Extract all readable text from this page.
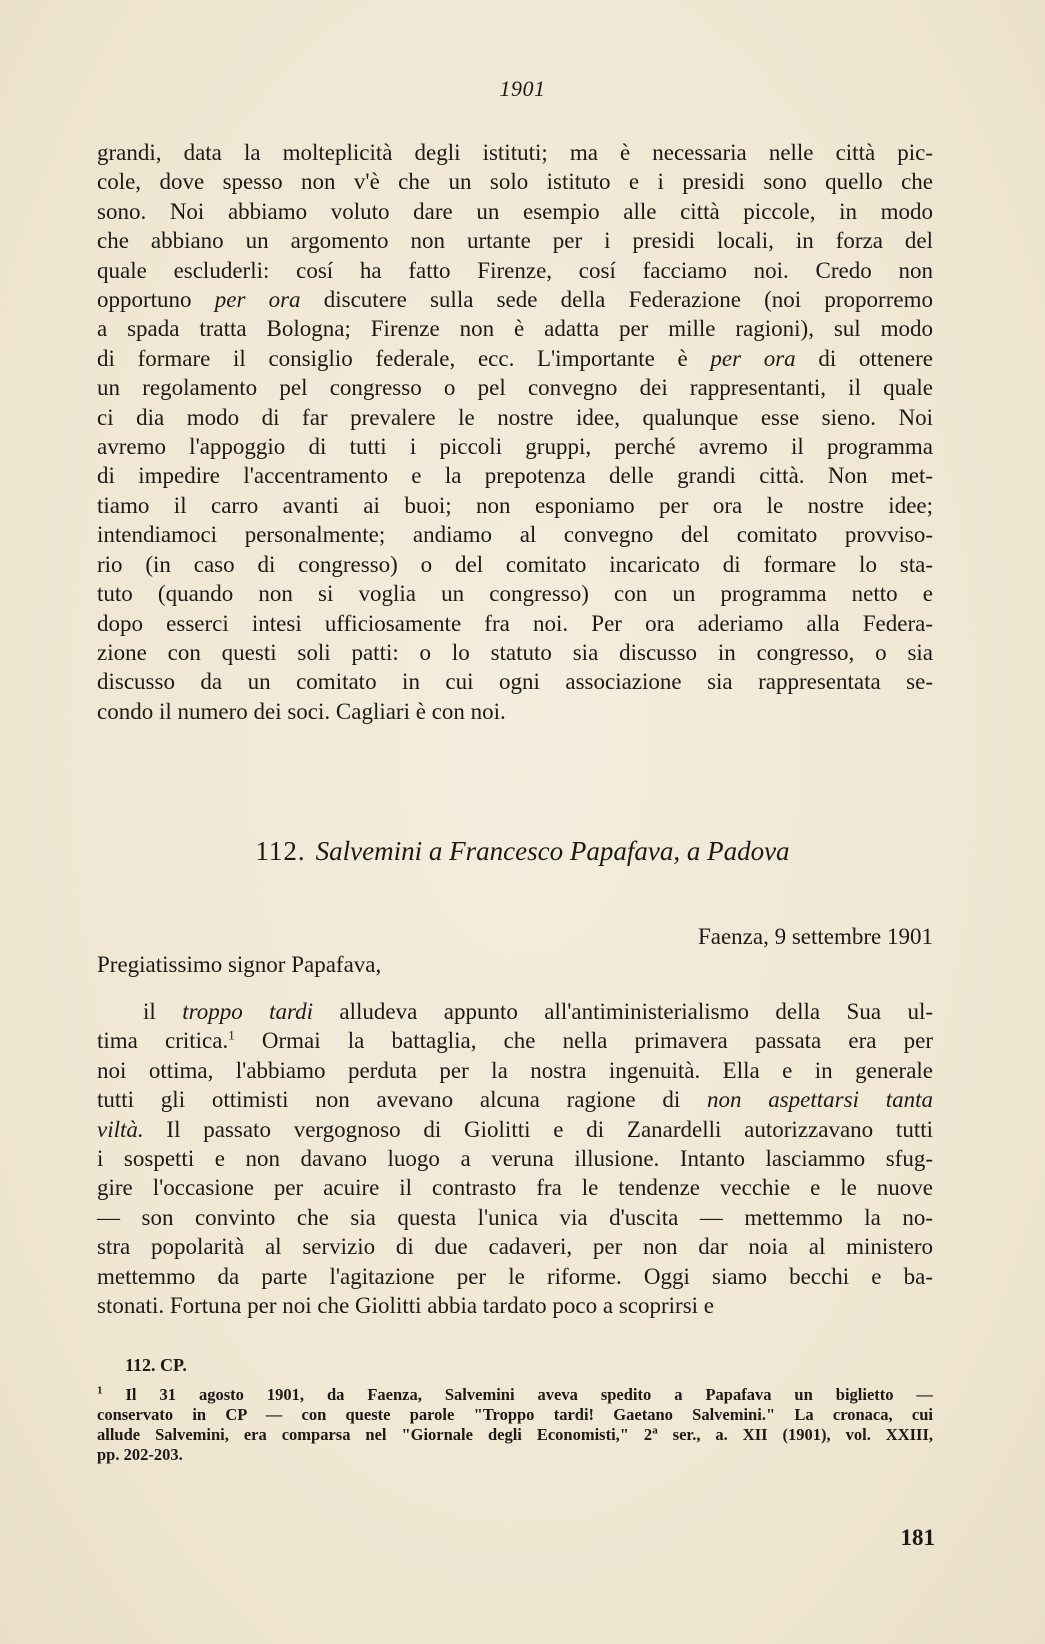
1901

grandi, data la molteplicità degli istituti; ma è necessaria nelle città pic-

cole, dove spesso non v'è che un solo istituto e i presidi sono quello che

sono. Noi abbiamo voluto dare un esempio alle città piccole, in modo

che abbiano un argomento non urtante per i presidi locali, in forza del

quale escluderli: cosí ha fatto Firenze, cosí facciamo noi. Credo non

opportuno per ora discutere sulla sede della Federazione (noi proporremo

a spada tratta Bologna; Firenze non è adatta per mille ragioni), sul modo

di formare il consiglio federale, ecc. L'importante è per ora di ottenere

un regolamento pel congresso o pel convegno dei rappresentanti, il quale

ci dia modo di far prevalere le nostre idee, qualunque esse sieno. Noi

avremo l'appoggio di tutti i piccoli gruppi, perché avremo il programma

di impedire l'accentramento e la prepotenza delle grandi città. Non met-

tiamo il carro avanti ai buoi; non esponiamo per ora le nostre idee;

intendiamoci personalmente; andiamo al convegno del comitato provviso-

rio (in caso di congresso) o del comitato incaricato di formare lo sta-

tuto (quando non si voglia un congresso) con un programma netto e

dopo esserci intesi ufficiosamente fra noi. Per ora aderiamo alla Federa-

zione con questi soli patti: o lo statuto sia discusso in congresso, o sia

discusso da un comitato in cui ogni associazione sia rappresentata se-

condo il numero dei soci. Cagliari è con noi.

112. Salvemini a Francesco Papafava, a Padova
Faenza, 9 settembre 1901
Pregiatissimo signor Papafava,

il troppo tardi alludeva appunto all'antiministerialismo della Sua ul-

tima critica.$^1$ Ormai la battaglia, che nella primavera passata era per

noi ottima, l'abbiamo perduta per la nostra ingenuità. Ella e in generale

tutti gli ottimisti non avevano alcuna ragione di non aspettarsi tanta

viltà. Il passato vergognoso di Giolitti e di Zanardelli autorizzavano tutti

i sospetti e non davano luogo a veruna illusione. Intanto lasciammo sfug-

gire l'occasione per acuire il contrasto fra le tendenze vecchie e le nuove

— son convinto che sia questa l'unica via d'uscita — mettemmo la no-

stra popolarità al servizio di due cadaveri, per non dar noia al ministero

mettemmo da parte l'agitazione per le riforme. Oggi siamo becchi e ba-

stonati. Fortuna per noi che Giolitti abbia tardato poco a scoprirsi e

112. CP.

$^1$ Il 31 agosto 1901, da Faenza, Salvemini aveva spedito a Papafava un biglietto —

conservato in CP — con queste parole "Troppo tardi! Gaetano Salvemini." La cronaca, cui

allude Salvemini, era comparsa nel "Giornale degli Economisti," 2$^a$ ser., a. XII (1901), vol. XXIII,

pp. 202-203.

181
